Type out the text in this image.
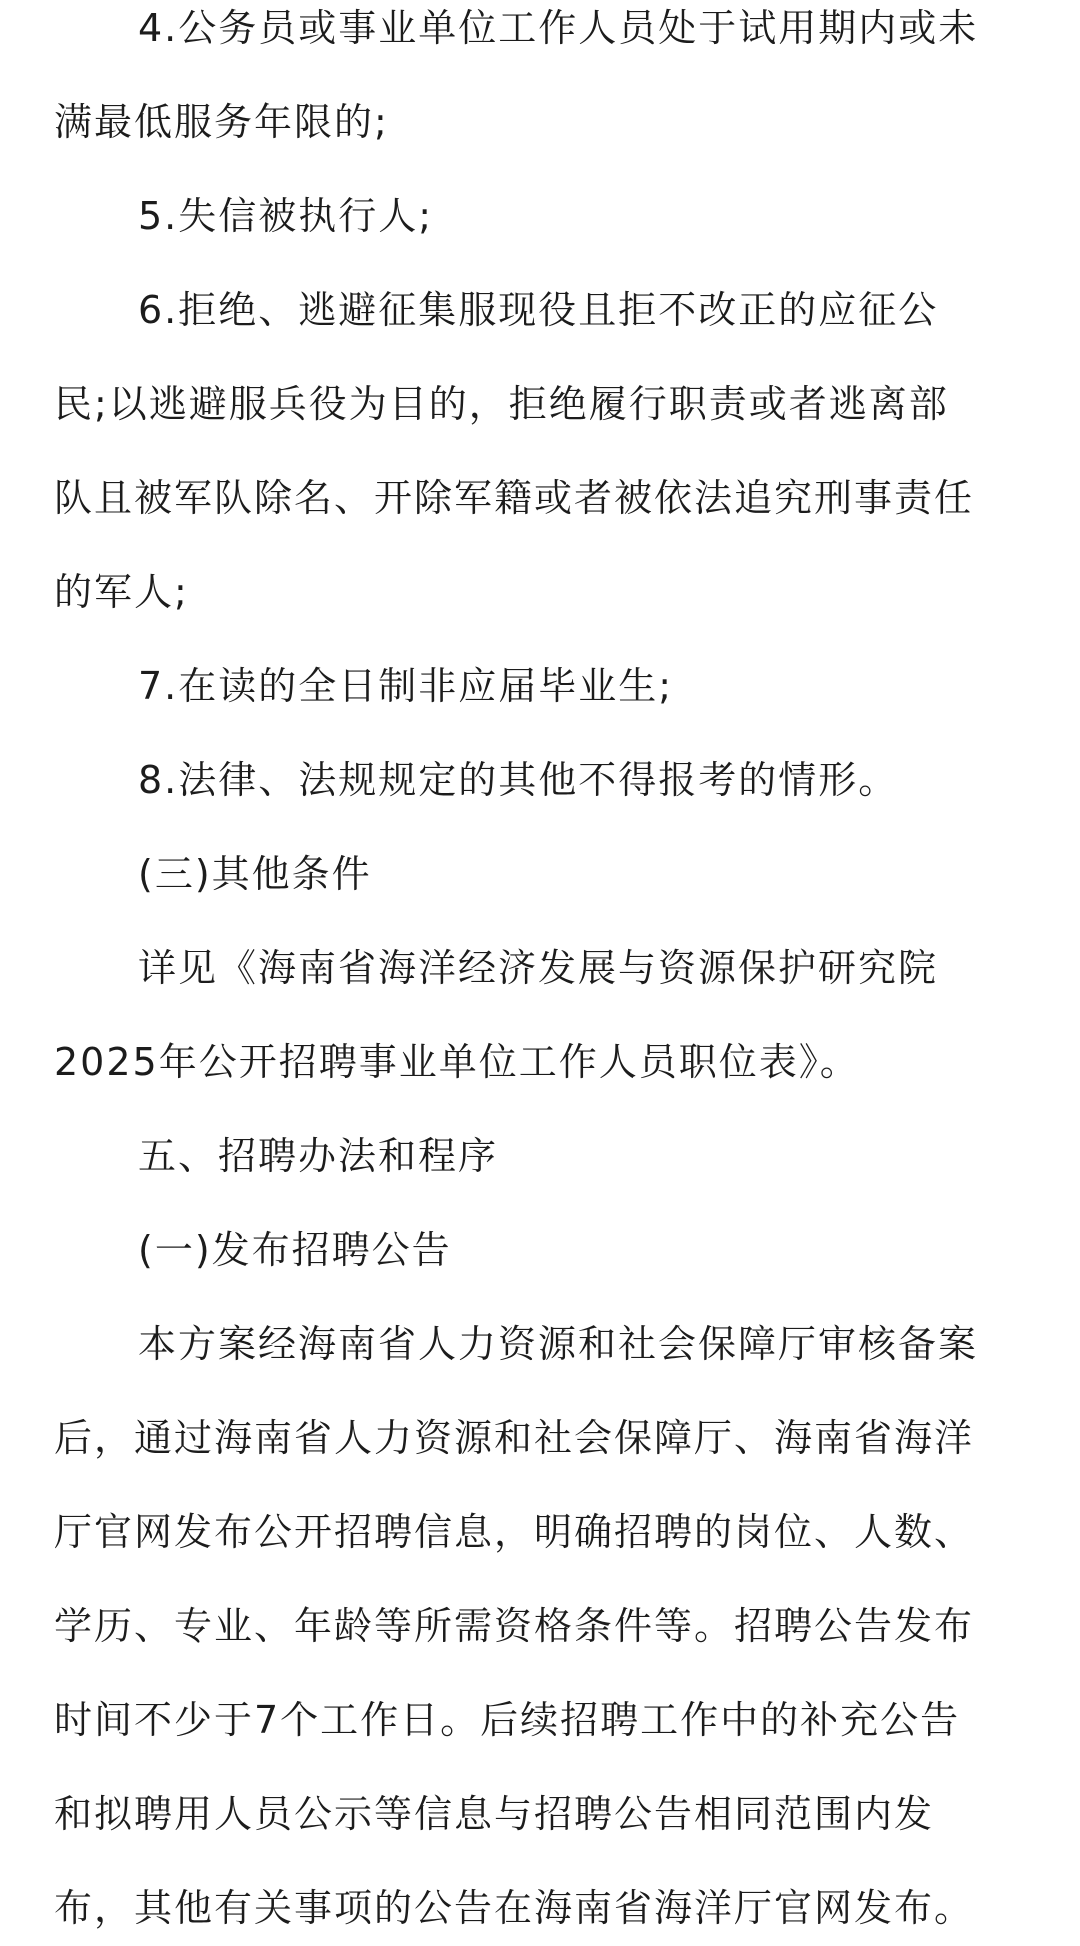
4.公务员或事业单位工作人员处于试用期内或未
满最低服务年限的;
5.失信被执行人;
6.拒绝、逃避征集服现役且拒不改正的应征公
民;以逃避服兵役为目的，拒绝履行职责或者逃离部
队且被军队除名、开除军籍或者被依法追究刑事责任
的军人;
7.在读的全日制非应届毕业生;
8.法律、法规规定的其他不得报考的情形。
(三)其他条件
详见《海南省海洋经济发展与资源保护研究院
2025年公开招聘事业单位工作人员职位表》。
五、招聘办法和程序
(一)发布招聘公告
本方案经海南省人力资源和社会保障厅审核备案
后，通过海南省人力资源和社会保障厅、海南省海洋
厅官网发布公开招聘信息，明确招聘的岗位、人数、
学历、专业、年龄等所需资格条件等。招聘公告发布
时间不少于7个工作日。后续招聘工作中的补充公告
和拟聘用人员公示等信息与招聘公告相同范围内发
布，其他有关事项的公告在海南省海洋厅官网发布。
